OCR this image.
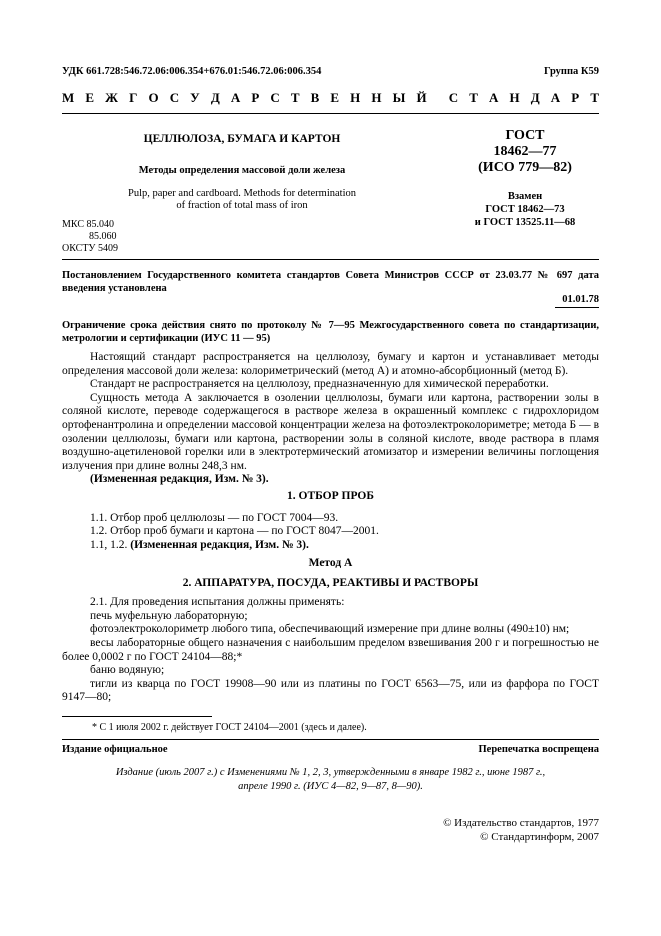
УДК 661.728:546.72.06:006.354+676.01:546.72.06:006.354	Группа К59
М Е Ж Г О С У Д А Р С Т В Е Н Н Ы Й С Т А Н Д А Р Т
ЦЕЛЛЮЛОЗА, БУМАГА И КАРТОН
Методы определения массовой доли железа
Pulp, paper and cardboard. Methods for determination
of fraction of total mass of iron
ГОСТ
18462—77
(ИСО 779—82)
Взамен
ГОСТ 18462—73
и ГОСТ 13525.11—68
МКС 85.040
85.060
ОКСТУ 5409
Постановлением Государственного комитета стандартов Совета Министров СССР от 23.03.77 № 697 дата введения установлена
01.01.78
Ограничение срока действия снято по протоколу № 7—95 Межгосударственного совета по стандартизации, метрологии и сертификации (ИУС 11 — 95)

Настоящий стандарт распространяется на целлюлозу, бумагу и картон и устанавливает методы определения массовой доли железа: колориметрический (метод А) и атомно-абсорбционный (метод Б).

Стандарт не распространяется на целлюлозу, предназначенную для химической переработки.

Сущность метода А заключается в озолении целлюлозы, бумаги или картона, растворении золы в соляной кислоте, переводе содержащегося в растворе железа в окрашенный комплекс с гидрохлоридом ортофенантролина и определении массовой концентрации железа на фотоэлектроколориметре; метода Б — в озолении целлюлозы, бумаги или картона, растворении золы в соляной кислоте, вводе раствора в пламя воздушно-ацетиленовой горелки или в электротермический атомизатор и измерении величины поглощения излучения при длине волны 248,3 нм.

(Измененная редакция, Изм. № 3).

1. ОТБОР ПРОБ

1.1. Отбор проб целлюлозы — по ГОСТ 7004—93.

1.2. Отбор проб бумаги и картона — по ГОСТ 8047—2001.

1.1, 1.2. (Измененная редакция, Изм. № 3).

Метод А

2. АППАРАТУРА, ПОСУДА, РЕАКТИВЫ И РАСТВОРЫ

2.1. Для проведения испытания должны применять:

печь муфельную лабораторную;

фотоэлектроколориметр любого типа, обеспечивающий измерение при длине волны (490±10) нм;

весы лабораторные общего назначения с наибольшим пределом взвешивания 200 г и погрешностью не более 0,0002 г по ГОСТ 24104—88;*

баню водяную;

тигли из кварца по ГОСТ 19908—90 или из платины по ГОСТ 6563—75, или из фарфора по ГОСТ 9147—80;

* С 1 июля 2002 г. действует ГОСТ 24104—2001 (здесь и далее).
Издание официальное	Перепечатка воспрещена
Издание (июль 2007 г.) с Изменениями № 1, 2, 3, утвержденными в январе 1982 г., июне 1987 г.,
апреле 1990 г. (ИУС 4—82, 9—87, 8—90).
© Издательство стандартов, 1977
© Стандартинформ, 2007
